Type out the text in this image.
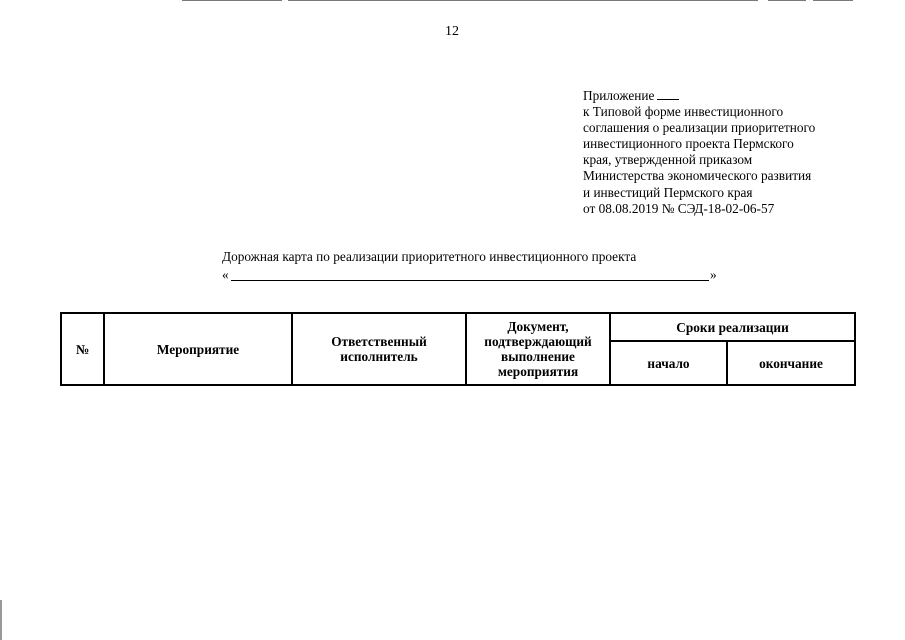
12
Приложение
к Типовой форме инвестиционного
соглашения о реализации приоритетного
инвестиционного проекта Пермского
края, утвержденной приказом
Министерства экономического развития
и инвестиций Пермского края
от 08.08.2019 № СЭД-18-02-06-57
Дорожная карта по реализации приоритетного инвестиционного проекта
«	»
№	Мероприятие	Ответственный исполнитель	Документ, подтверждающий выполнение мероприятия	Сроки реализации	
				начало	окончание
